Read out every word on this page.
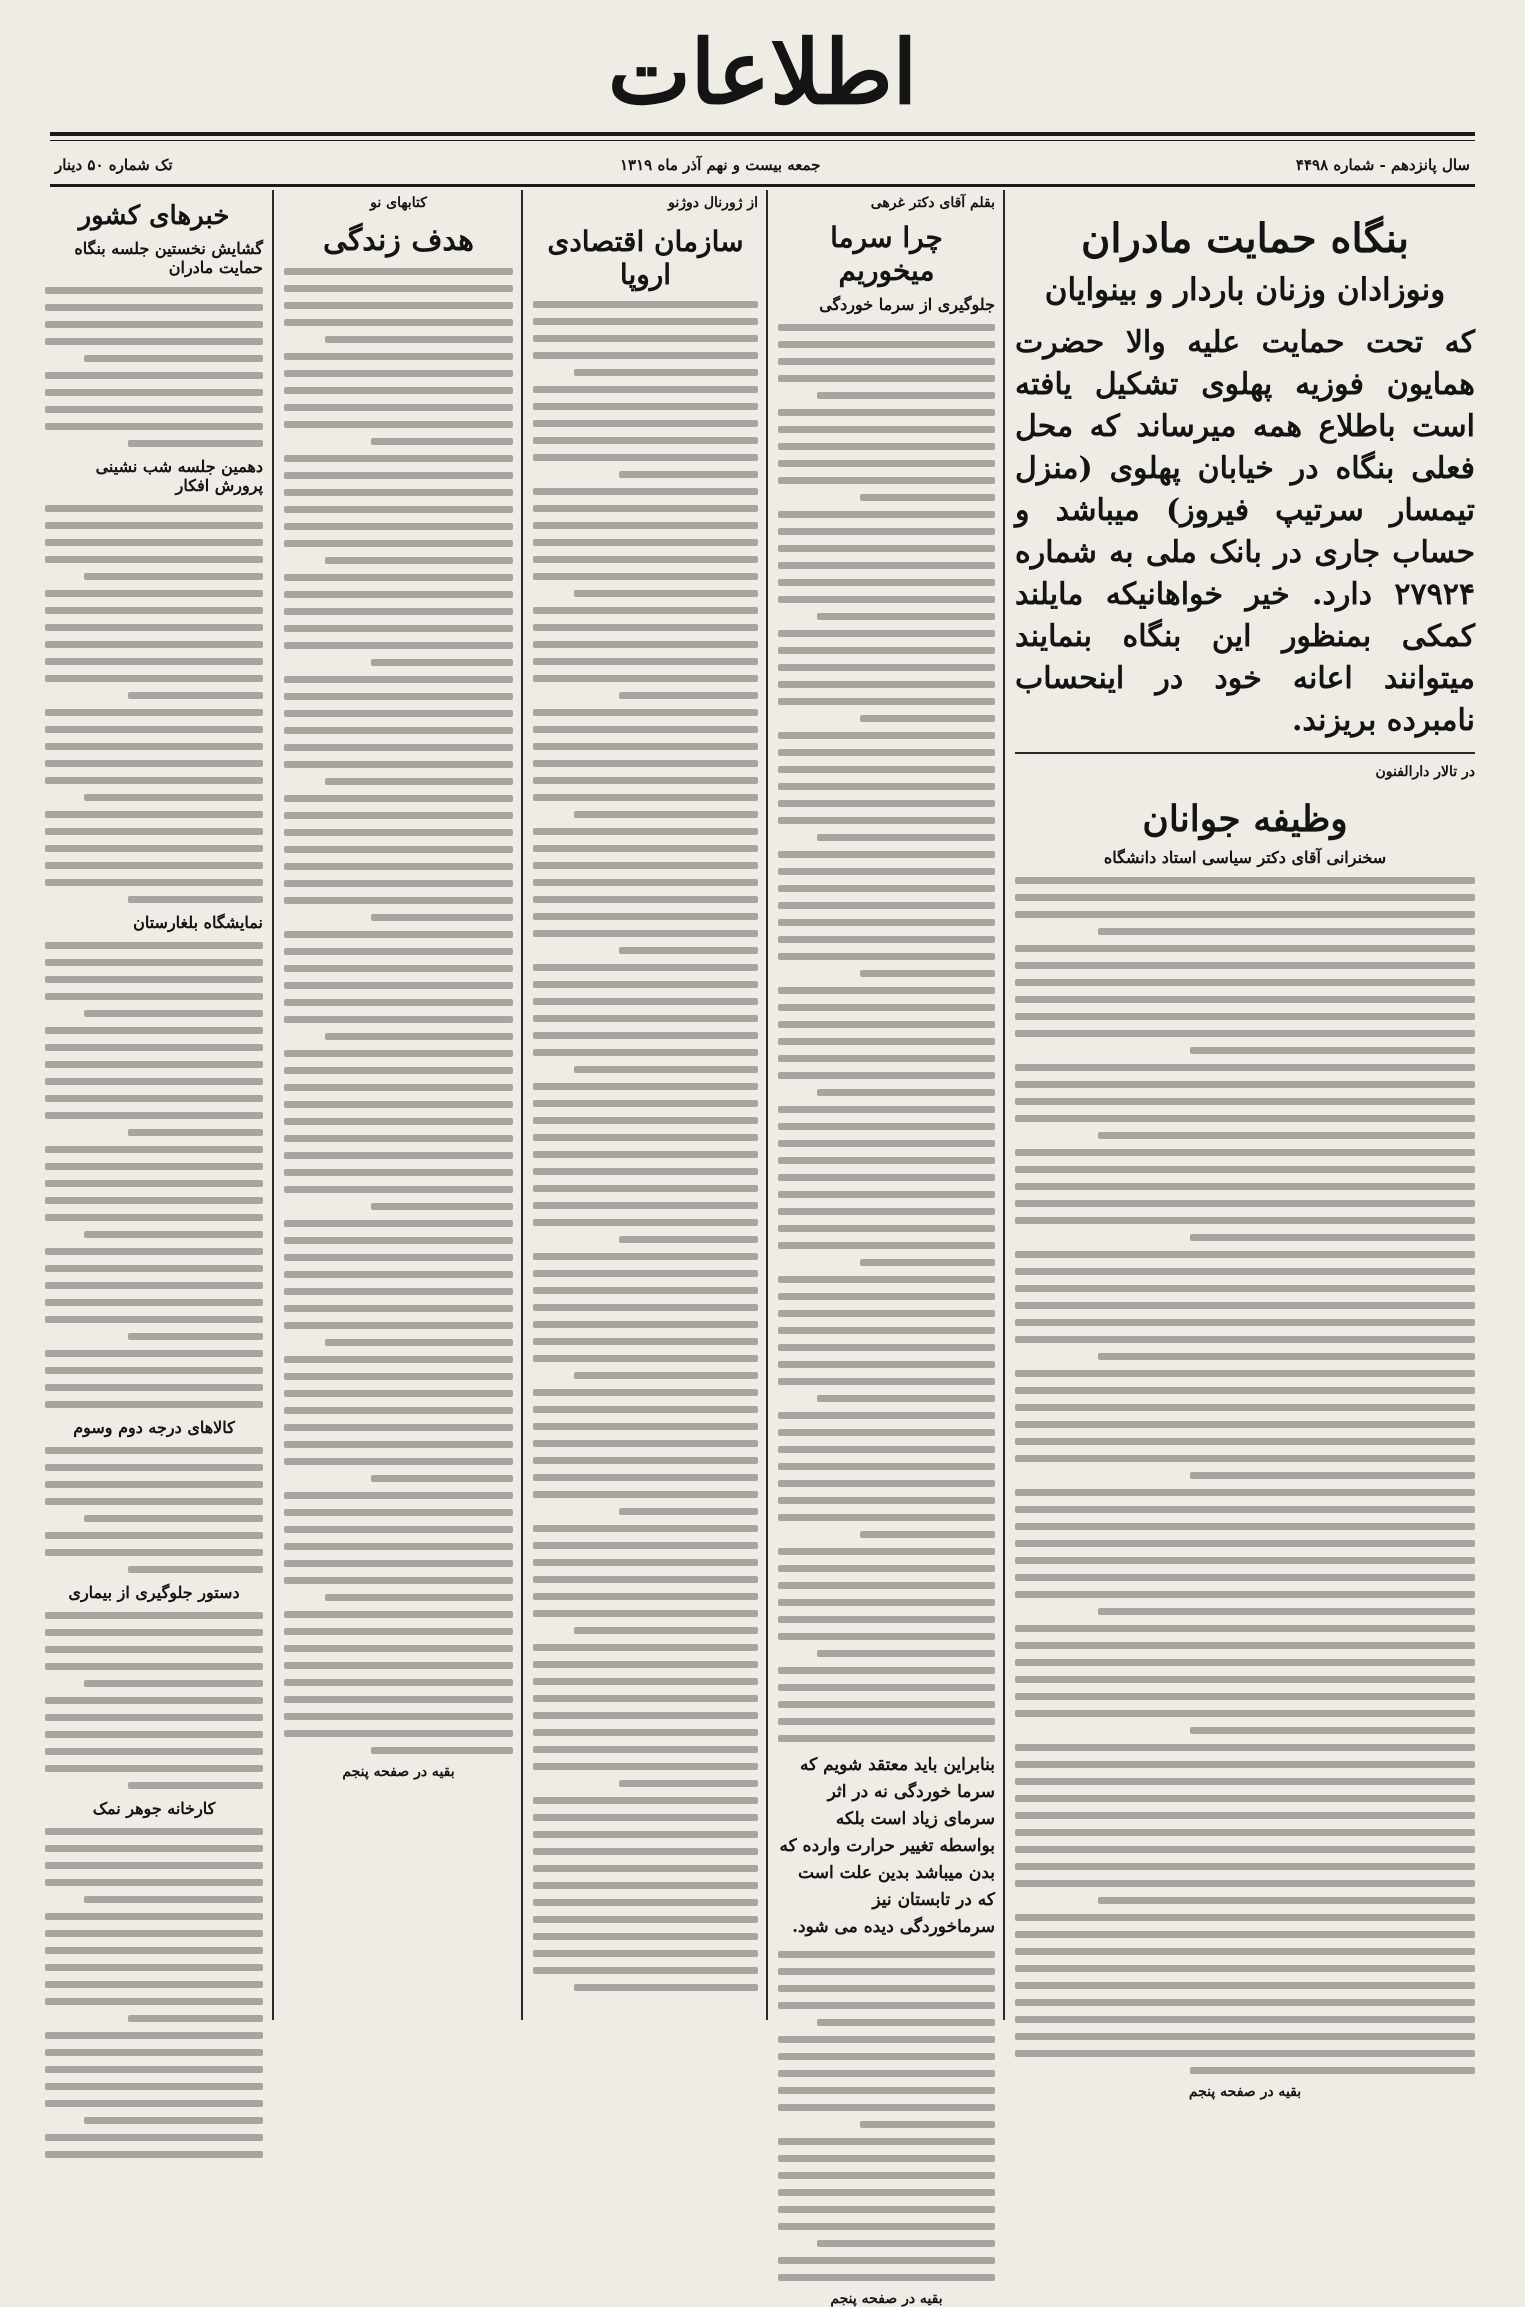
اطلاعات
سال پانزدهم - شماره ۴۴۹۸
جمعه بیست و نهم آذر ماه ۱۳۱۹
تک شماره ۵۰ دینار
بنگاه حمایت مادران
ونوزادان وزنان باردار و بینوایان
که تحت حمایت علیه والا حضرت همایون فوزیه پهلوی تشکیل یافته است باطلاع همه میرساند که محل فعلی بنگاه در خیابان پهلوی (منزل تیمسار سرتیپ فیروز) میباشد و حساب جاری در بانک ملی به شماره ۲۷۹۲۴ دارد. خیر خواهانیکه مایلند کمکی بمنظور این بنگاه بنمایند میتوانند اعانه خود در اینحساب نامبرده بریزند.
در تالار دارالفنون
وظیفه جوانان
سخنرانی آقای دکتر سیاسی استاد دانشگاه
بقیه در صفحه پنجم
بقلم آقای دکتر غرهی
چرا سرما میخوریم
جلوگیری از سرما خوردگی
بنابراین باید معتقد شویم که سرما خوردگی نه در اثر سرمای زیاد است بلکه بواسطه تغییر حرارت وارده که بدن میباشد بدین علت است که در تابستان نیز سرماخوردگی دیده می شود.
بقیه در صفحه پنجم
از ژورنال دوژنو
سازمان اقتصادی اروپا
کتابهای نو
هدف زندگی
بقیه در صفحه پنجم
خبرهای کشور
گشایش نخستین جلسه بنگاه حمایت مادران
دهمین جلسه شب نشینی پرورش افکار
نمایشگاه بلغارستان
کالاهای درجه دوم وسوم
دستور جلوگیری از بیماری
کارخانه جوهر نمک
